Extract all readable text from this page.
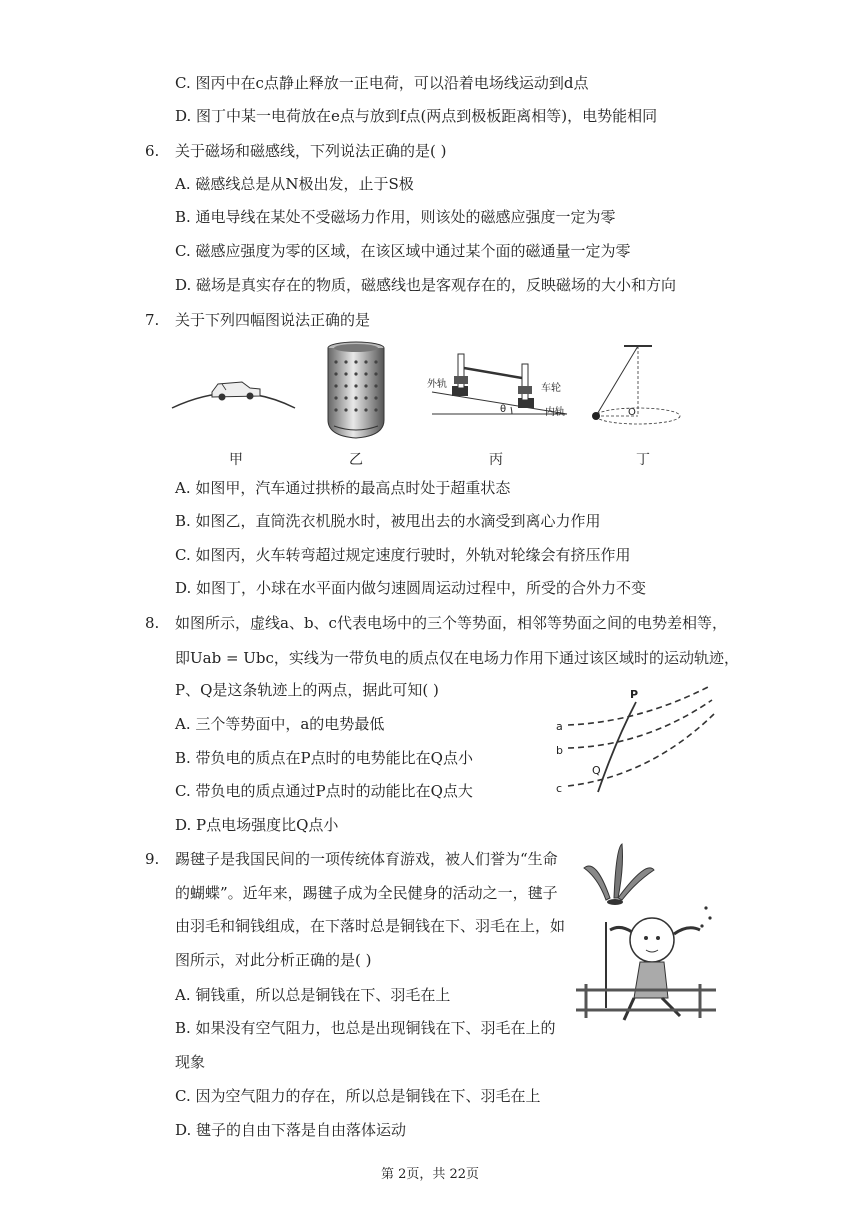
C. 图丙中在c点静止释放一正电荷，可以沿着电场线运动到d点
D. 图丁中某一电荷放在e点与放到f点(两点到极板距离相等)，电势能相同
6. 关于磁场和磁感线，下列说法正确的是( )
A. 磁感线总是从N极出发，止于S极
B. 通电导线在某处不受磁场力作用，则该处的磁感应强度一定为零
C. 磁感应强度为零的区域，在该区域中通过某个面的磁通量一定为零
D. 磁场是真实存在的物质，磁感线也是客观存在的，反映磁场的大小和方向
7. 关于下列四幅图说法正确的是
甲	乙
外轨	车轮
内轨
θ
丙
O
丁
A. 如图甲，汽车通过拱桥的最高点时处于超重状态
B. 如图乙，直筒洗衣机脱水时，被甩出去的水滴受到离心力作用
C. 如图丙，火车转弯超过规定速度行驶时，外轨对轮缘会有挤压作用
D. 如图丁，小球在水平面内做匀速圆周运动过程中，所受的合外力不变
8. 如图所示，虚线a、b、c代表电场中的三个等势面，相邻等势面之间的电势差相等，
即Uab = Ubc，实线为一带负电的质点仅在电场力作用下通过该区域时的运动轨迹，
P、Q是这条轨迹上的两点，据此可知( )
a
b
c
P
Q
A. 三个等势面中，a的电势最低
B. 带负电的质点在P点时的电势能比在Q点小
C. 带负电的质点通过P点时的动能比在Q点大
D. P点电场强度比Q点小
9. 踢毽子是我国民间的一项传统体育游戏，被人们誉为“生命
的蝴蝶”。近年来，踢毽子成为全民健身的活动之一，毽子
由羽毛和铜钱组成，在下落时总是铜钱在下、羽毛在上，如
图所示，对此分析正确的是( )
A. 铜钱重，所以总是铜钱在下、羽毛在上
B. 如果没有空气阻力，也总是出现铜钱在下、羽毛在上的
现象
C. 因为空气阻力的存在，所以总是铜钱在下、羽毛在上
D. 毽子的自由下落是自由落体运动
第 2页，共 22页
